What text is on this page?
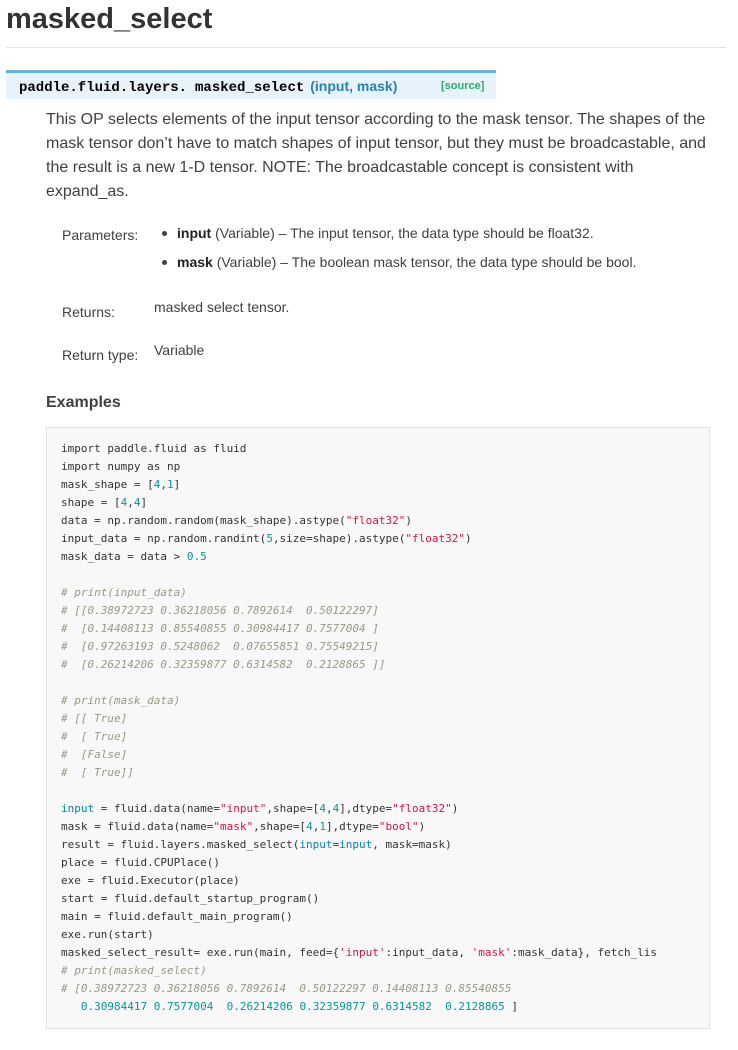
masked_select
paddle.fluid.layers. masked_select (input, mask)	[source]

This OP selects elements of the input tensor according to the mask tensor. The shapes of the mask tensor don’t have to match shapes of input tensor, but they must be broadcastable, and the result is a new 1-D tensor. NOTE: The broadcastable concept is consistent with expand_as.

Parameters:	input (Variable) – The input tensor, the data type should be float32.
mask (Variable) – The boolean mask tensor, the data type should be bool.
Returns:	masked select tensor.
Return type: Variable
Examples
import paddle.fluid as fluid
import numpy as np
mask_shape = [4,1]
shape = [4,4]
data = np.random.random(mask_shape).astype("float32")
input_data = np.random.randint(5,size=shape).astype("float32")
mask_data = data > 0.5

# print(input_data)
# [[0.38972723 0.36218056 0.7892614  0.50122297]
#  [0.14408113 0.85540855 0.30984417 0.7577004 ]
#  [0.97263193 0.5248062  0.07655851 0.75549215]
#  [0.26214206 0.32359877 0.6314582  0.2128865 ]]

# print(mask_data)
# [[ True]
#  [ True]
#  [False]
#  [ True]]

input = fluid.data(name="input",shape=[4,4],dtype="float32")
mask = fluid.data(name="mask",shape=[4,1],dtype="bool")
result = fluid.layers.masked_select(input=input, mask=mask)
place = fluid.CPUPlace()
exe = fluid.Executor(place)
start = fluid.default_startup_program()
main = fluid.default_main_program()
exe.run(start)
masked_select_result= exe.run(main, feed={'input':input_data, 'mask':mask_data}, fetch_lis
# print(masked_select)
# [0.38972723 0.36218056 0.7892614  0.50122297 0.14408113 0.85540855
0.30984417 0.7577004 0.26214206 0.32359877 0.6314582 0.2128865 ]
